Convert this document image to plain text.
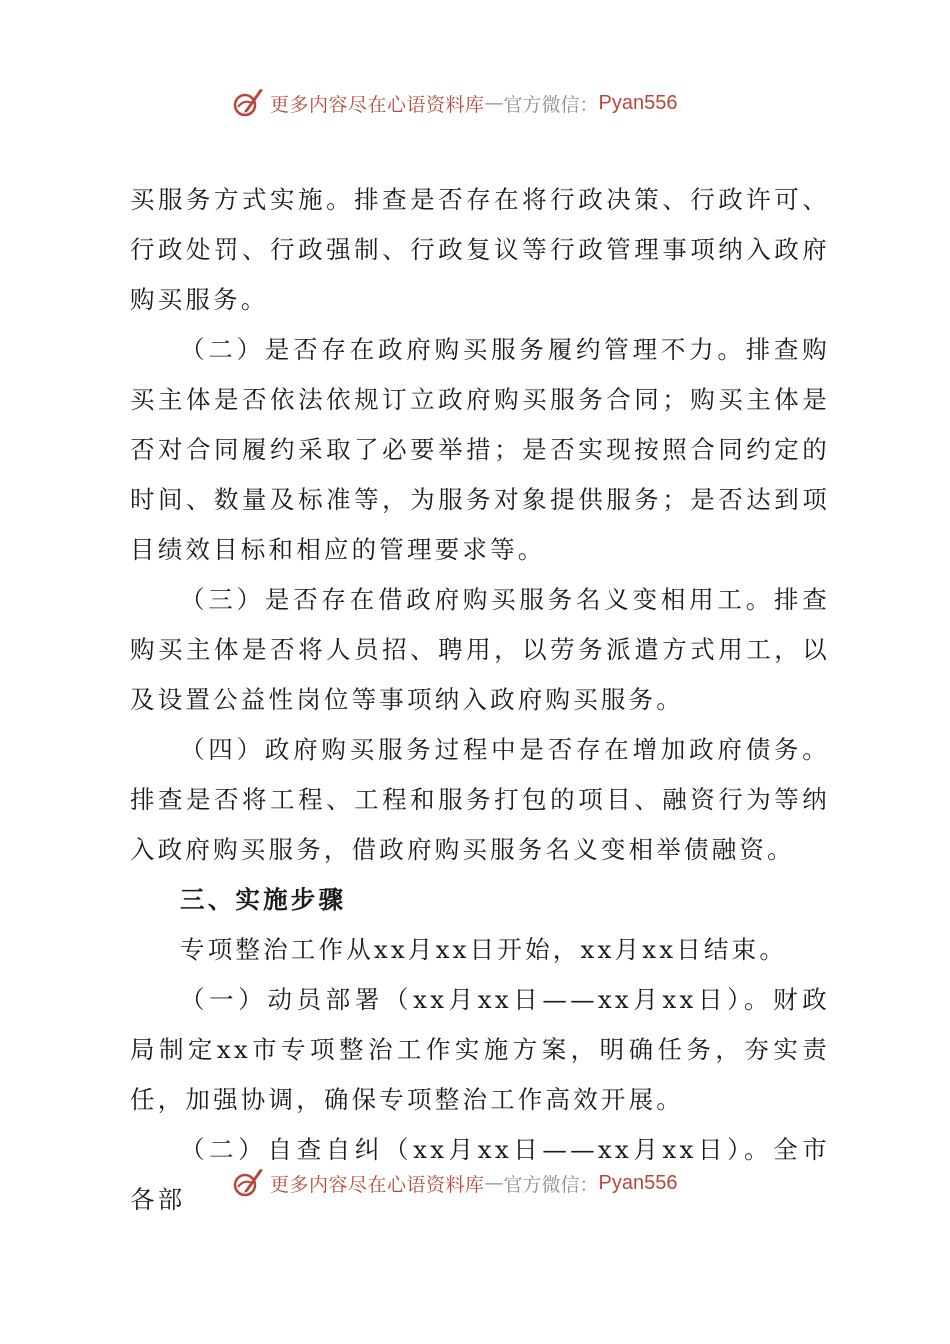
更多内容尽在心语资料库 — 官方微信： Pyan556

买服务方式实施。排查是否存在将行政决策、行政许可、行政处罚、行政强制、行政复议等行政管理事项纳入政府购买服务。

（二）是否存在政府购买服务履约管理不力。排查购买主体是否依法依规订立政府购买服务合同；购买主体是否对合同履约采取了必要举措；是否实现按照合同约定的时间、数量及标准等，为服务对象提供服务；是否达到项目绩效目标和相应的管理要求等。

（三）是否存在借政府购买服务名义变相用工。排查购买主体是否将人员招、聘用，以劳务派遣方式用工，以及设置公益性岗位等事项纳入政府购买服务。

（四）政府购买服务过程中是否存在增加政府债务。排查是否将工程、工程和服务打包的项目、融资行为等纳入政府购买服务，借政府购买服务名义变相举债融资。

三、实施步骤

专项整治工作从xx月xx日开始，xx月xx日结束。

（一）动员部署（xx月xx日——xx月xx日）。财政局制定xx市专项整治工作实施方案，明确任务，夯实责任，加强协调，确保专项整治工作高效开展。

（二）自查自纠（xx月xx日——xx月xx日）。全市各部

更多内容尽在心语资料库 — 官方微信： Pyan556
